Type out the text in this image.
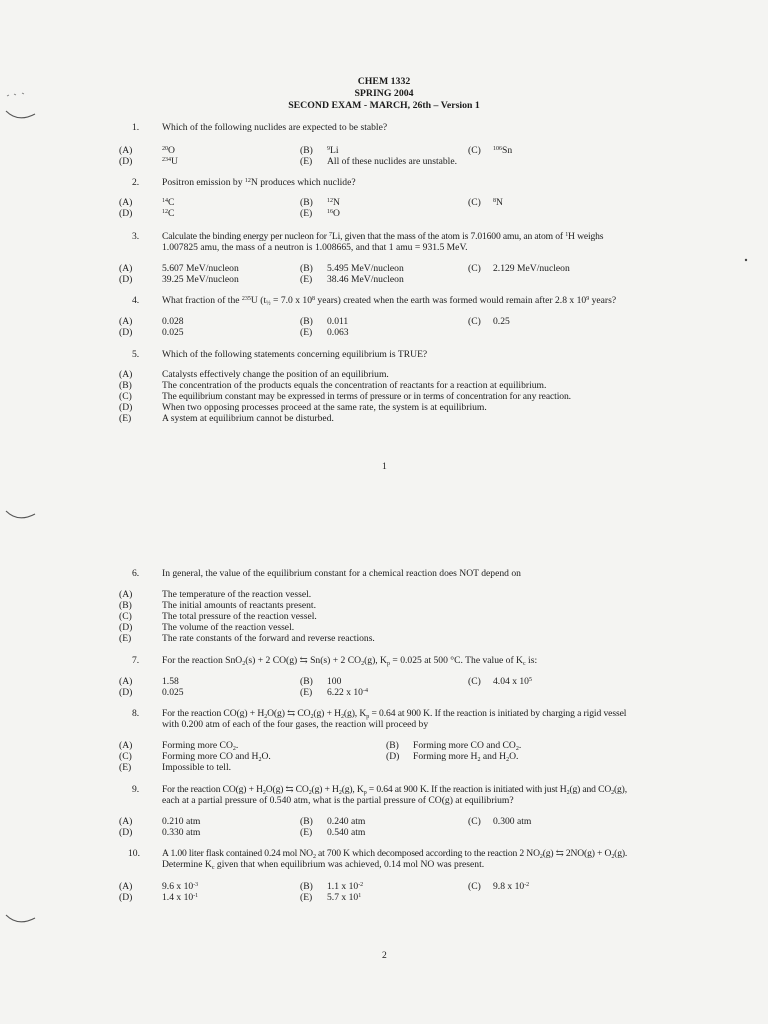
CHEM 1332
SPRING 2004
SECOND EXAM - MARCH, 26th – Version 1
1. Which of the following nuclides are expected to be stable?
(A)	$^{20}$O	(B) $^9$Li	(C) $^{106}$Sn
(D)	$^{234}$U	(E) All of these nuclides are unstable.
2. Positron emission by $^{12}$N produces which nuclide?
(A)	$^{14}$C	(B) $^{12}$N	(C) $^8$N
(D)	$^{12}$C	(E) $^{16}$O
3. Calculate the binding energy per nucleon for $^7$Li, given that the mass of the atom is 7.01600 amu, an atom of $^1$H weighs
1.007825 amu, the mass of a neutron is 1.008665, and that 1 amu = 931.5 MeV.
(A)	5.607 MeV/nucleon	(B) 5.495 MeV/nucleon	(C) 2.129 MeV/nucleon
(D)	39.25 MeV/nucleon	(E) 38.46 MeV/nucleon
4. What fraction of the $^{235}$U ($t_{\frac{1}{2}} = 7.0$ x $10^8$ years) created when the earth was formed would remain after 2.8 x $10^9$ years?
(A)	0.028	(B) 0.011	(C) 0.25
(D)	0.025	(E) 0.063
5. Which of the following statements concerning equilibrium is TRUE?
(A)	Catalysts effectively change the position of an equilibrium.
(B)	The concentration of the products equals the concentration of reactants for a reaction at equilibrium.
(C)	The equilibrium constant may be expressed in terms of pressure or in terms of concentration for any reaction.
(D)	When two opposing processes proceed at the same rate, the system is at equilibrium.
(E)	A system at equilibrium cannot be disturbed.
1
6. In general, the value of the equilibrium constant for a chemical reaction does NOT depend on
(A)	The temperature of the reaction vessel.
(B)	The initial amounts of reactants present.
(C)	The total pressure of the reaction vessel.
(D)	The volume of the reaction vessel.
(E)	The rate constants of the forward and reverse reactions.
7. For the reaction SnO$_2$(s) + 2 CO(g) ⇆ Sn(s) + 2 $CO_2(g)$, $K_p = 0.025$ at 500 °C. The value of $K_c$ is:
(A)	1.58	(B) 100	(C) 4.04 x $10^5$
(D)	0.025	(E) 6.22 x $10^{-4}$
8. For the reaction $CO(g) + H_2O(g)$ ⇆ $CO_2(g) + H_2(g)$, $K_p = 0.64$ at 900 K. If the reaction is initiated by charging a rigid vessel
with 0.200 atm of each of the four gases, the reaction will proceed by
(A)	Forming more $CO_2$.	(B) Forming more CO and $CO_2$.
(C)	Forming more CO and $H_2O$.	(D) Forming more $H_2$ and $H_2O$.
(E)	Impossible to tell.
9. For the reaction $CO(g) + H_2O(g)$ ⇆ $CO_2(g) + H_2(g)$, $K_p = 0.64$ at 900 K. If the reaction is initiated with just $H_2(g)$ and $CO_2(g)$,
each at a partial pressure of 0.540 atm, what is the partial pressure of CO(g) at equilibrium?
(A)	0.210 atm	(B) 0.240 atm	(C) 0.300 atm
(D)	0.330 atm	(E) 0.540 atm
10. A 1.00 liter flask contained 0.24 mol $NO_2$ at 700 K which decomposed according to the reaction 2 $NO_2(g)$ ⇆ $2NO(g) + O_2(g)$.
Determine $K_c$ given that when equilibrium was achieved, 0.14 mol NO was present.
(A)	9.6 x $10^{-3}$	(B) 1.1 x $10^{-2}$	(C) 9.8 x $10^{-2}$
(D)	1.4 x $10^{-1}$	(E) 5.7 x $10^1$
2
